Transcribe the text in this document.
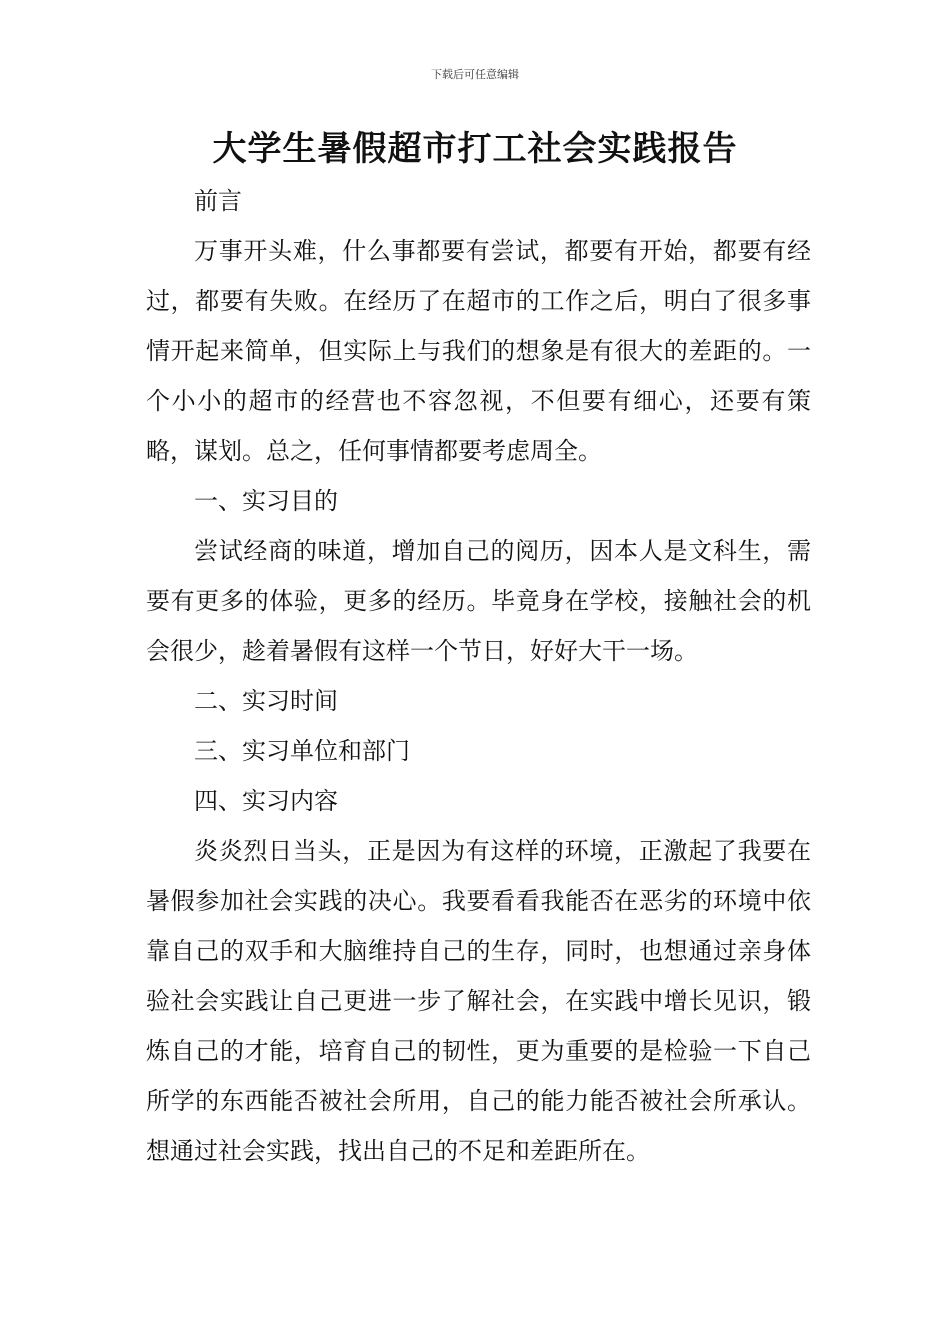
下载后可任意编辑
大学生暑假超市打工社会实践报告

前言

万事开头难，什么事都要有尝试，都要有开始，都要有经过，都要有失败。在经历了在超市的工作之后，明白了很多事情开起来简单，但实际上与我们的想象是有很大的差距的。一个小小的超市的经营也不容忽视，不但要有细心，还要有策略，谋划。总之，任何事情都要考虑周全。

一、实习目的

尝试经商的味道，增加自己的阅历，因本人是文科生，需要有更多的体验，更多的经历。毕竟身在学校，接触社会的机会很少，趁着暑假有这样一个节日，好好大干一场。

二、实习时间

三、实习单位和部门

四、实习内容

炎炎烈日当头，正是因为有这样的环境，正激起了我要在暑假参加社会实践的决心。我要看看我能否在恶劣的环境中依靠自己的双手和大脑维持自己的生存，同时，也想通过亲身体验社会实践让自己更进一步了解社会，在实践中增长见识，锻炼自己的才能，培育自己的韧性，更为重要的是检验一下自己所学的东西能否被社会所用，自己的能力能否被社会所承认。想通过社会实践，找出自己的不足和差距所在。
